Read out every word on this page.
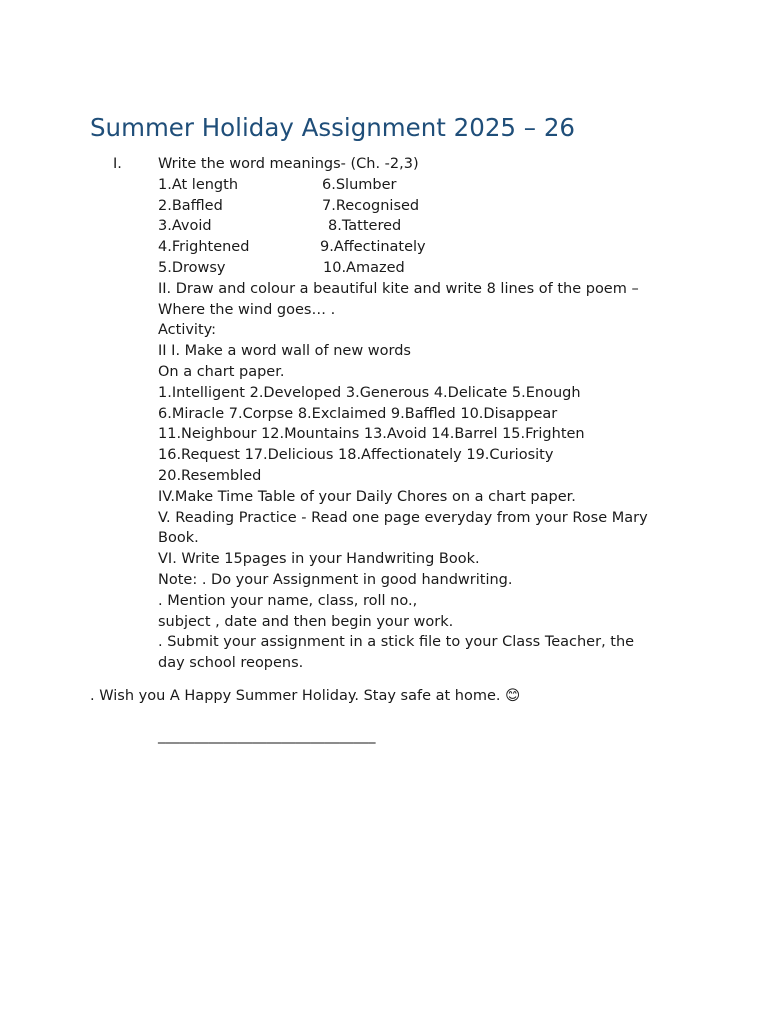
Summer Holiday Assignment 2025 – 26
I. Write the word meanings- (Ch. -2,3)
1.At length	6.Slumber
2.Baffled	7.Recognised
3.Avoid	8.Tattered
4.Frightened	9.Affectinately
5.Drowsy	10.Amazed
II. Draw and colour a beautiful kite and write 8 lines of the poem –
Where the wind goes… .
Activity:
II I. Make a word wall of new words
On a chart paper.
1.Intelligent 2.Developed 3.Generous 4.Delicate 5.Enough
6.Miracle 7.Corpse 8.Exclaimed 9.Baffled 10.Disappear
11.Neighbour 12.Mountains 13.Avoid 14.Barrel 15.Frighten
16.Request 17.Delicious 18.Affectionately 19.Curiosity
20.Resembled
IV.Make Time Table of your Daily Chores on a chart paper.
V. Reading Practice - Read one page everyday from your Rose Mary
Book.
VI. Write 15pages in your Handwriting Book.
Note: . Do your Assignment in good handwriting.
. Mention your name, class, roll no.,
subject , date and then begin your work.
. Submit your assignment in a stick file to your Class Teacher, the
day school reopens.
. Wish you A Happy Summer Holiday. Stay safe at home. 😊
______________________________
